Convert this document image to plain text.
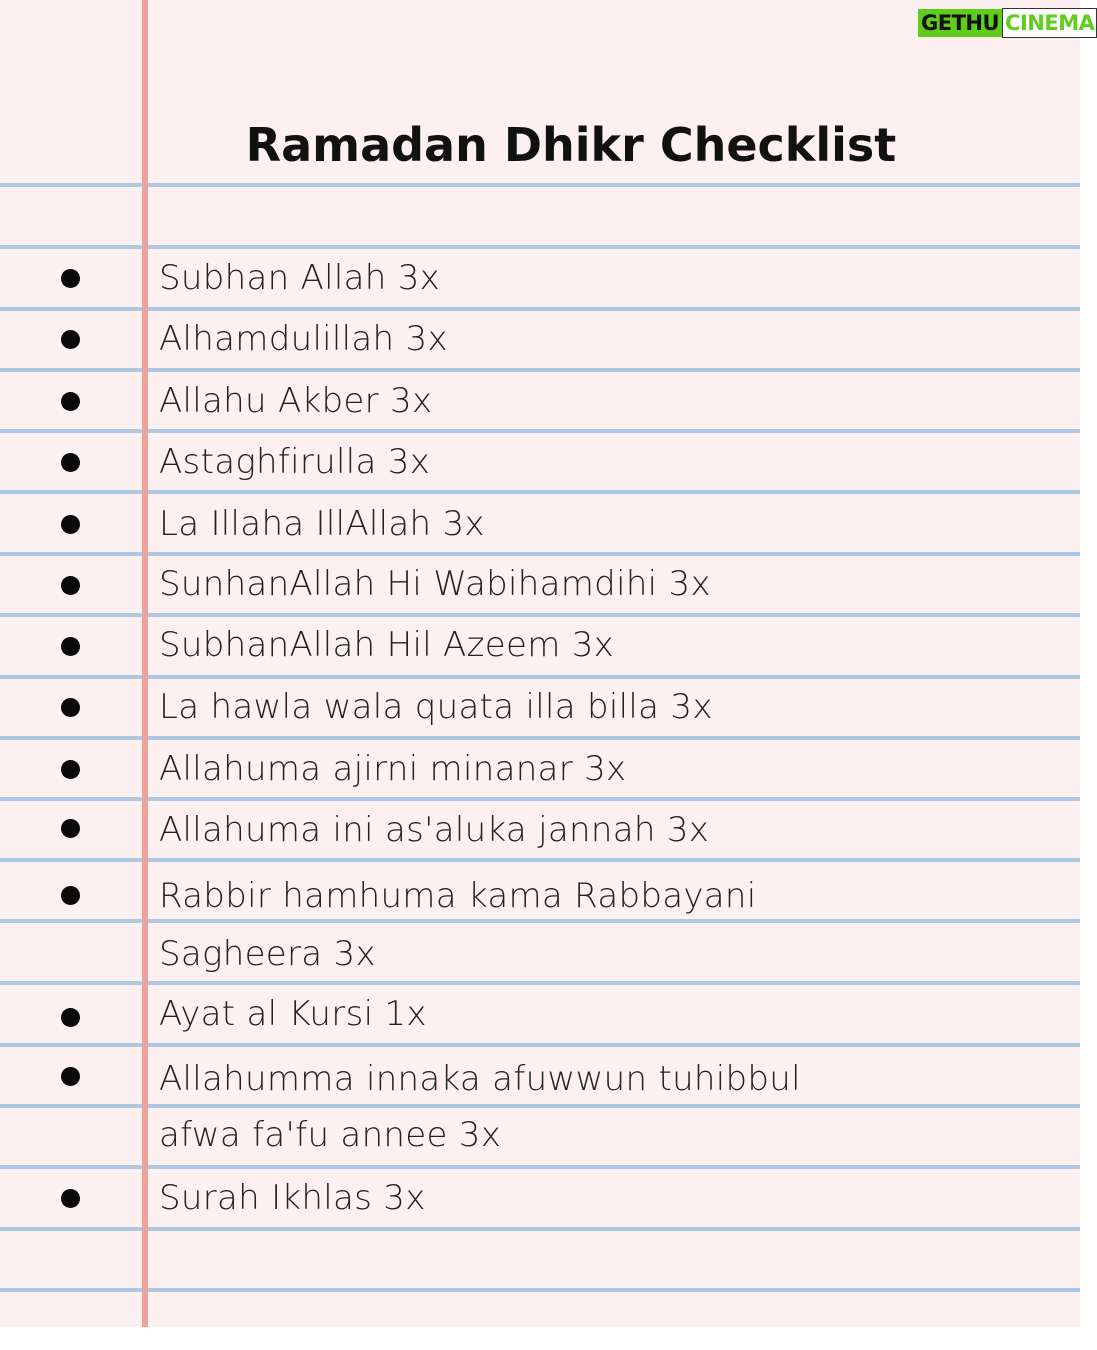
GETHU CINEMA
Ramadan Dhikr Checklist
Subhan Allah 3x
Alhamdulillah 3x
Allahu Akber 3x
Astaghfirulla 3x
La Illaha IllAllah 3x
SunhanAllah Hi Wabihamdihi 3x
SubhanAllah Hil Azeem 3x
La hawla wala quata illa billa 3x
Allahuma ajirni minanar 3x
Allahuma ini as'aluka jannah 3x
Rabbir hamhuma kama Rabbayani
Sagheera 3x
Ayat al Kursi 1x
Allahumma innaka afuwwun tuhibbul
afwa fa'fu annee 3x
Surah Ikhlas 3x
